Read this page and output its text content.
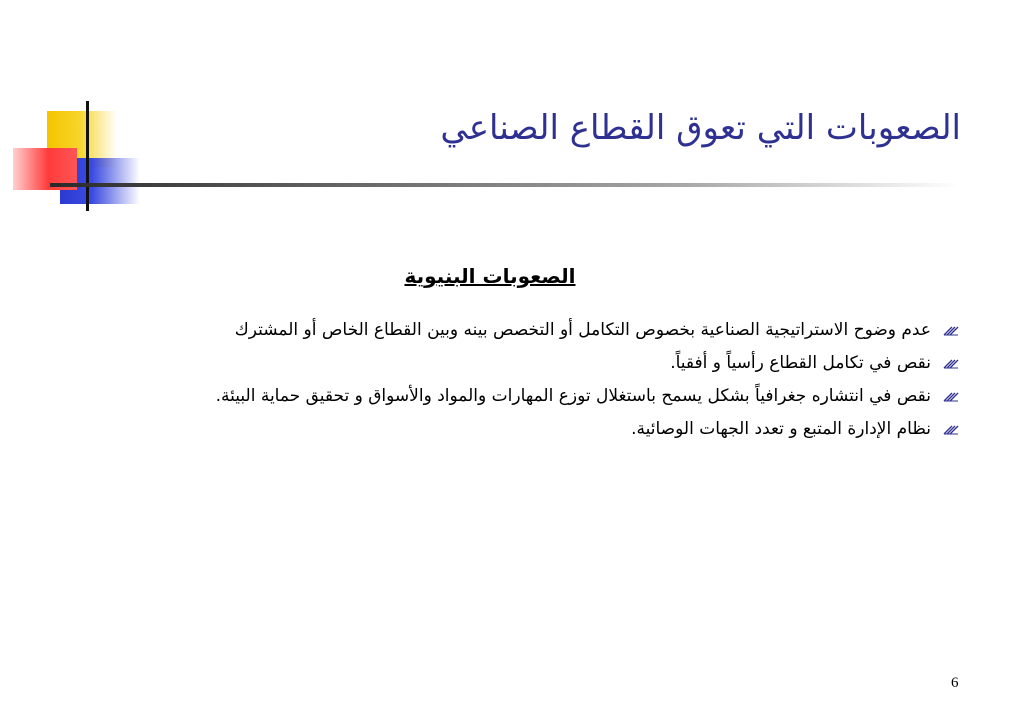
الصعوبات التي تعوق القطاع الصناعي
الصعوبات البنيوية
عدم وضوح الاستراتيجية الصناعية بخصوص التكامل أو التخصص بينه وبين القطاع الخاص أو المشترك
نقص في تكامل القطاع رأسياً و أفقياً.
نقص في انتشاره جغرافياً بشكل يسمح باستغلال توزع المهارات والمواد والأسواق و تحقيق حماية البيئة.
نظام الإدارة المتبع و تعدد الجهات الوصائية.
6
